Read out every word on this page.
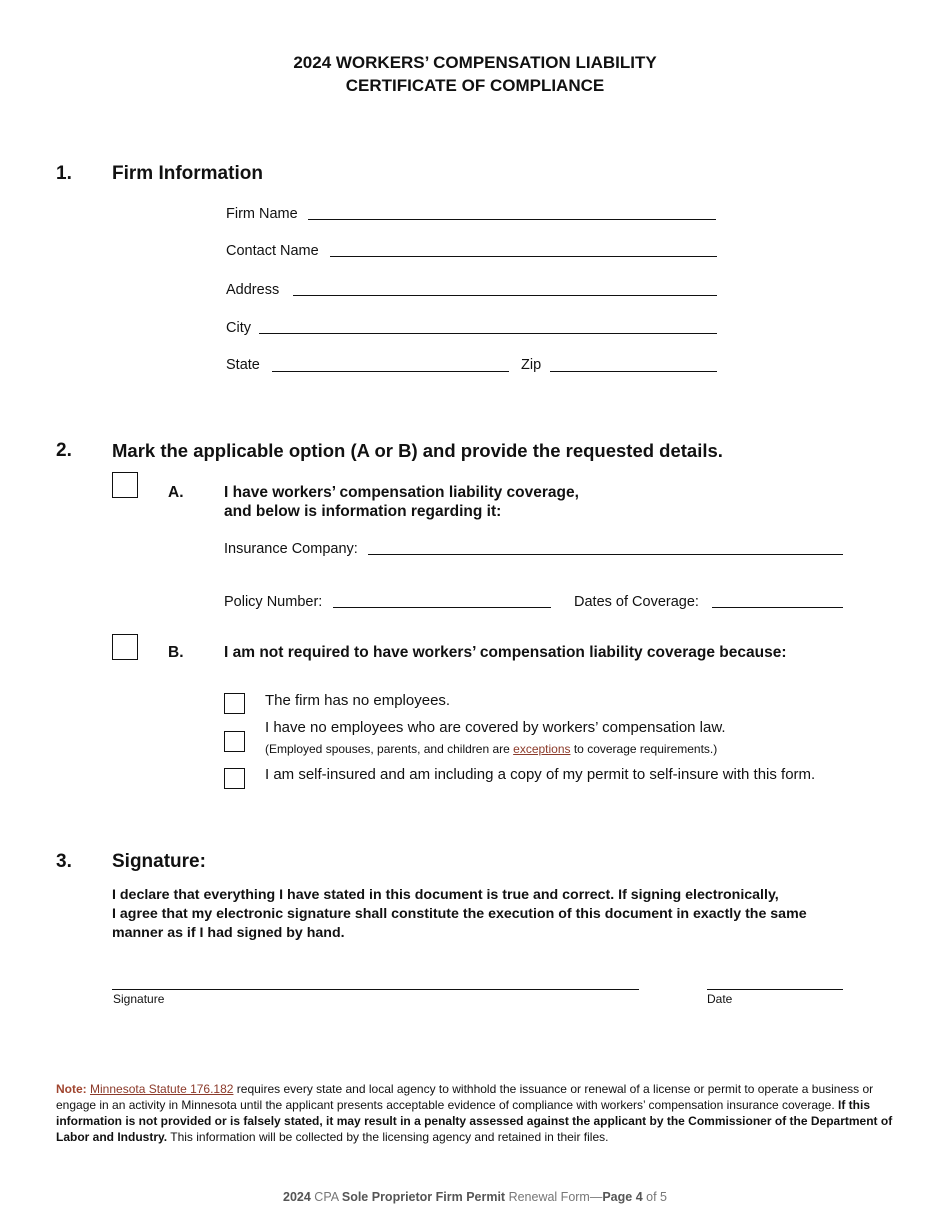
2024 WORKERS’ COMPENSATION LIABILITY
CERTIFICATE OF COMPLIANCE
1. Firm Information
Firm Name
Contact Name
Address
City
State	Zip
2. Mark the applicable option (A or B) and provide the requested details.
A.	I have workers’ compensation liability coverage,
and below is information regarding it:
Insurance Company:
Policy Number:	Dates of Coverage:
B.	I am not required to have workers’ compensation liability coverage because:
The firm has no employees.
I have no employees who are covered by workers’ compensation law.
(Employed spouses, parents, and children are exceptions to coverage requirements.)
I am self-insured and am including a copy of my permit to self-insure with this form.
3. Signature:
I declare that everything I have stated in this document is true and correct. If signing electronically,
I agree that my electronic signature shall constitute the execution of this document in exactly the same
manner as if I had signed by hand.
Signature	Date
Note: Minnesota Statute 176.182 requires every state and local agency to withhold the issuance or renewal of a license or permit to operate a business or engage in an activity in Minnesota until the applicant presents acceptable evidence of compliance with workers’ compensation insurance coverage. If this information is not provided or is falsely stated, it may result in a penalty assessed against the applicant by the Commissioner of the Department of Labor and Industry. This information will be collected by the licensing agency and retained in their files.
2024 CPA Sole Proprietor Firm Permit Renewal Form—Page 4 of 5
